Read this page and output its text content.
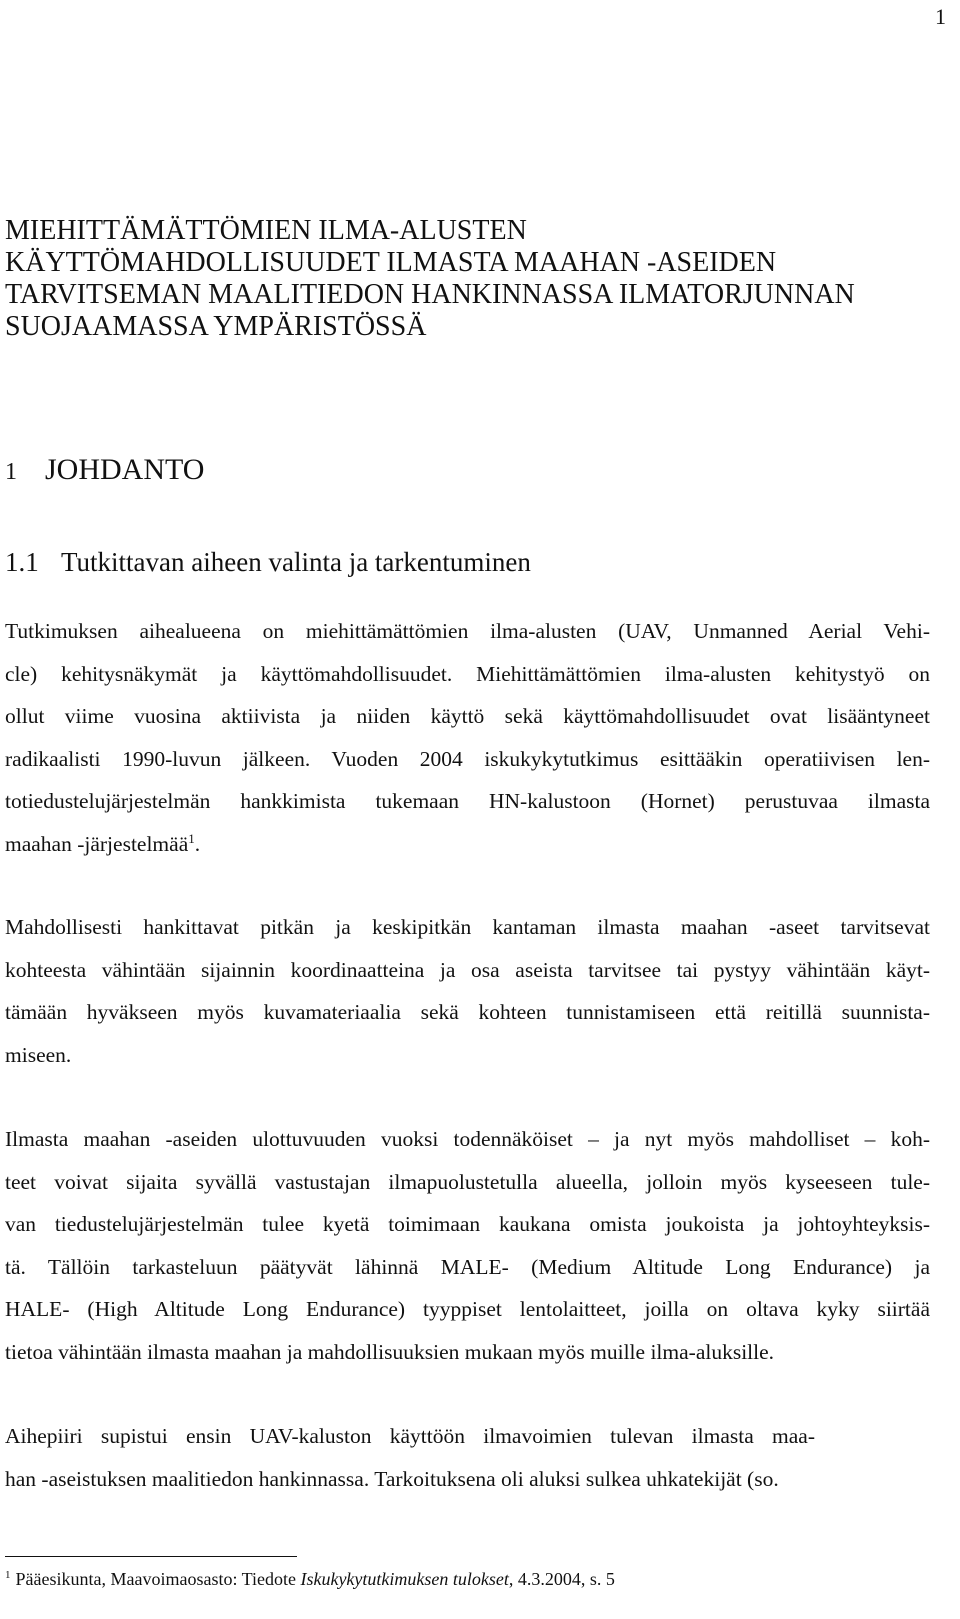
1
MIEHITTÄMÄTTÖMIEN ILMA-ALUSTEN
KÄYTTÖMAHDOLLISUUDET ILMASTA MAAHAN -ASEIDEN
TARVITSEMAN MAALITIEDON HANKINNASSA ILMATORJUNNAN
SUOJAAMASSA YMPÄRISTÖSSÄ
1 JOHDANTO
1.1 Tutkittavan aiheen valinta ja tarkentuminen

Tutkimuksen aihealueena on miehittämättömien ilma-alusten (UAV, Unmanned Aerial Vehi-
cle) kehitysnäkymät ja käyttömahdollisuudet. Miehittämättömien ilma-alusten kehitystyö on
ollut viime vuosina aktiivista ja niiden käyttö sekä käyttömahdollisuudet ovat lisääntyneet
radikaalisti 1990-luvun jälkeen. Vuoden 2004 iskukykytutkimus esittääkin operatiivisen len-
totiedustelujärjestelmän hankkimista tukemaan HN-kalustoon (Hornet) perustuvaa ilmasta
maahan -järjestelmää$^1$.

Mahdollisesti hankittavat pitkän ja keskipitkän kantaman ilmasta maahan -aseet tarvitsevat
kohteesta vähintään sijainnin koordinaatteina ja osa aseista tarvitsee tai pystyy vähintään käyt-
tämään hyväkseen myös kuvamateriaalia sekä kohteen tunnistamiseen että reitillä suunnista-
miseen.

Ilmasta maahan -aseiden ulottuvuuden vuoksi todennäköiset – ja nyt myös mahdolliset – koh-
teet voivat sijaita syvällä vastustajan ilmapuolustetulla alueella, jolloin myös kyseeseen tule-
van tiedustelujärjestelmän tulee kyetä toimimaan kaukana omista joukoista ja johtoyhteyksis-
tä. Tällöin tarkasteluun päätyvät lähinnä MALE- (Medium Altitude Long Endurance) ja
HALE- (High Altitude Long Endurance) tyyppiset lentolaitteet, joilla on oltava kyky siirtää
tietoa vähintään ilmasta maahan ja mahdollisuuksien mukaan myös muille ilma-aluksille.

Aihepiiri supistui ensin UAV-kaluston käyttöön ilmavoimien tulevan ilmasta maa-
han -aseistuksen maalitiedon hankinnassa. Tarkoituksena oli aluksi sulkea uhkatekijät (so.

$^1$ Pääesikunta, Maavoimaosasto: Tiedote Iskukykytutkimuksen tulokset, 4.3.2004, s. 5
